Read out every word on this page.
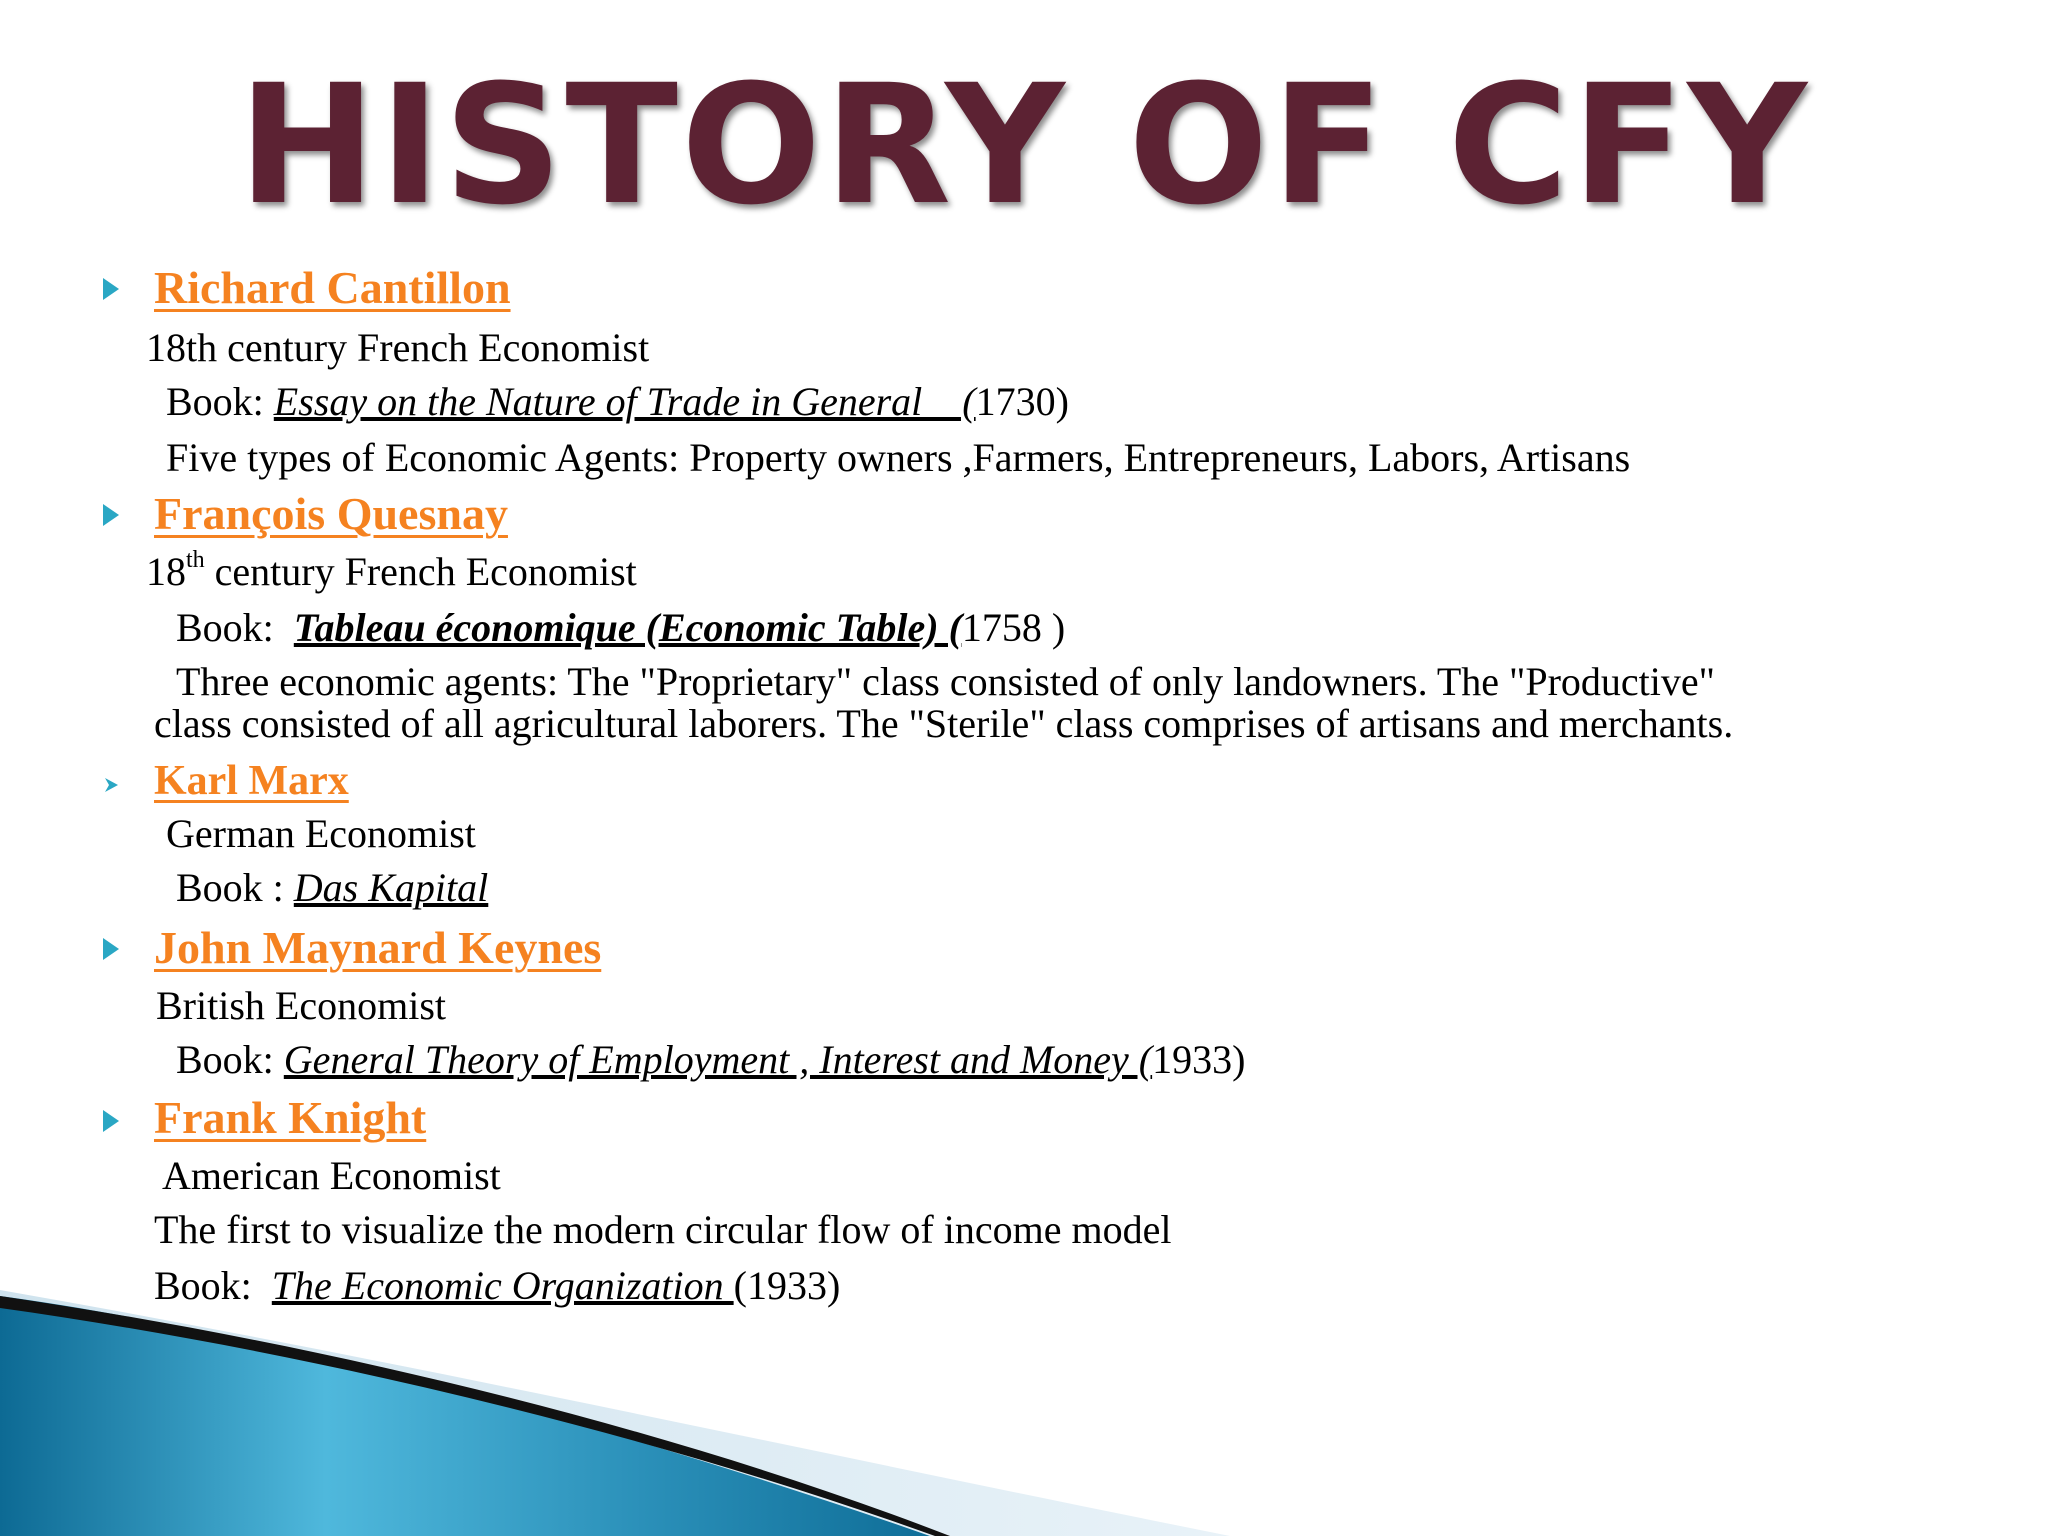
HISTORY OF CFY
Richard Cantillon
18th century French Economist
Book: Essay on the Nature of Trade in General    (1730)
Five types of Economic Agents: Property owners ,Farmers, Entrepreneurs, Labors, Artisans
François Quesnay
18th century French Economist
Book:  Tableau économique (Economic Table) (1758 )
Three economic agents: The "Proprietary" class consisted of only landowners. The "Productive"
class consisted of all agricultural laborers. The "Sterile" class comprises of artisans and merchants.
Karl Marx
German Economist
Book : Das Kapital
John Maynard Keynes
British Economist
Book: General Theory of Employment , Interest and Money (1933)
Frank Knight
American Economist
The first to visualize the modern circular flow of income model
Book:  The Economic Organization (1933)
